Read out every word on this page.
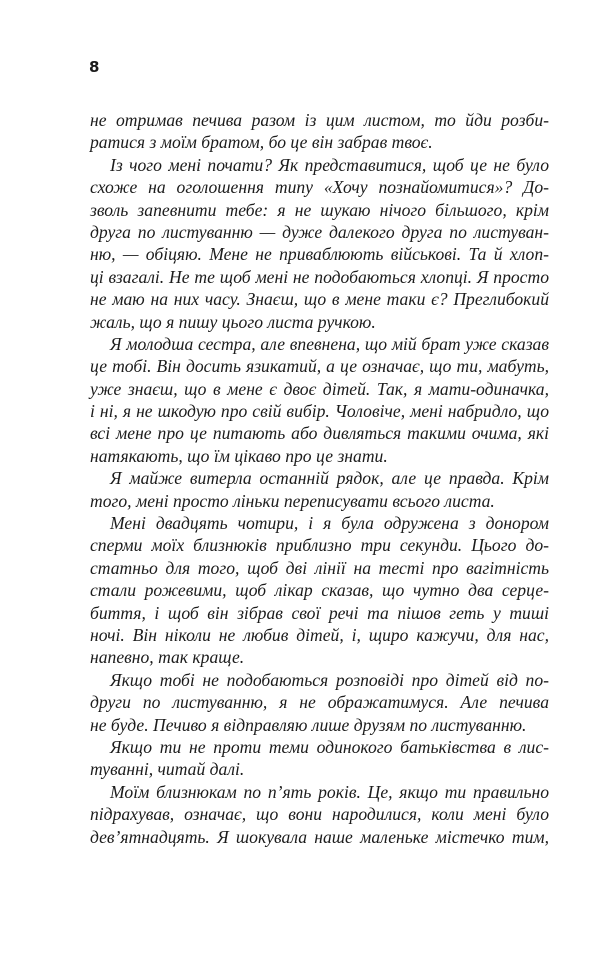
8
не отримав печива разом із цим листом, то йди розби-
ратися з моїм братом, бо це він забрав твоє.
Із чого мені почати? Як представитися, щоб це не було
схоже на оголошення типу «Хочу познайомитися»? До-
зволь запевнити тебе: я не шукаю нічого більшого, крім
друга по листуванню — дуже далекого друга по листуван-
ню, — обіцяю. Мене не приваблюють військові. Та й хлоп-
ці взагалі. Не те щоб мені не подобаються хлопці. Я просто
не маю на них часу. Знаєш, що в мене таки є? Преглибокий
жаль, що я пишу цього листа ручкою.
Я молодша сестра, але впевнена, що мій брат уже сказав
це тобі. Він досить язикатий, а це означає, що ти, мабуть,
уже знаєш, що в мене є двоє дітей. Так, я мати-одиначка,
і ні, я не шкодую про свій вибір. Чоловіче, мені набридло, що
всі мене про це питають або дивляться такими очима, які
натякають, що їм цікаво про це знати.
Я майже витерла останній рядок, але це правда. Крім
того, мені просто ліньки переписувати всього листа.
Мені двадцять чотири, і я була одружена з донором
сперми моїх близнюків приблизно три секунди. Цього до-
статньо для того, щоб дві лінії на тесті про вагітність
стали рожевими, щоб лікар сказав, що чутно два серце-
биття, і щоб він зібрав свої речі та пішов геть у тиші
ночі. Він ніколи не любив дітей, і, щиро кажучи, для нас,
напевно, так краще.
Якщо тобі не подобаються розповіді про дітей від по-
други по листуванню, я не ображатимуся. Але печива
не буде. Печиво я відправляю лише друзям по листуванню.
Якщо ти не проти теми одинокого батьківства в лис-
туванні, читай далі.
Моїм близнюкам по п’ять років. Це, якщо ти правильно
підрахував, означає, що вони народилися, коли мені було
дев’ятнадцять. Я шокувала наше маленьке містечко тим,
